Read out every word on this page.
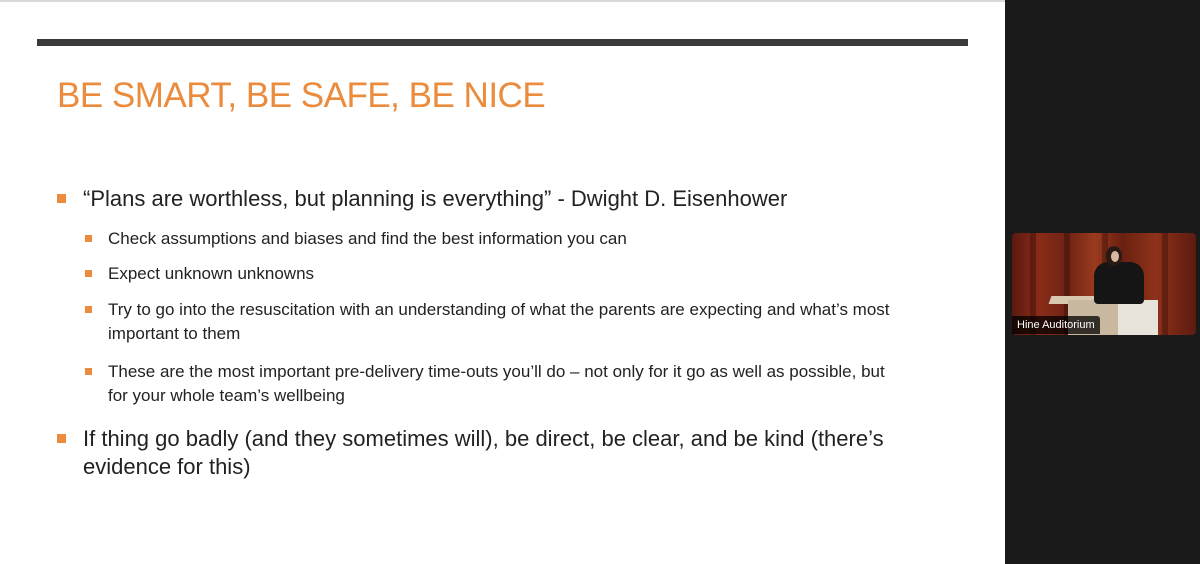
BE SMART, BE SAFE, BE NICE
“Plans are worthless, but planning is everything” - Dwight D. Eisenhower
Check assumptions and biases and find the best information you can
Expect unknown unknowns
Try to go into the resuscitation with an understanding of what the parents are expecting and what’s most important to them
These are the most important pre-delivery time-outs you’ll do – not only for it go as well as possible, but for your whole team’s wellbeing
If thing go badly (and they sometimes will), be direct, be clear, and be kind (there’s evidence for this)
Hine Auditorium
